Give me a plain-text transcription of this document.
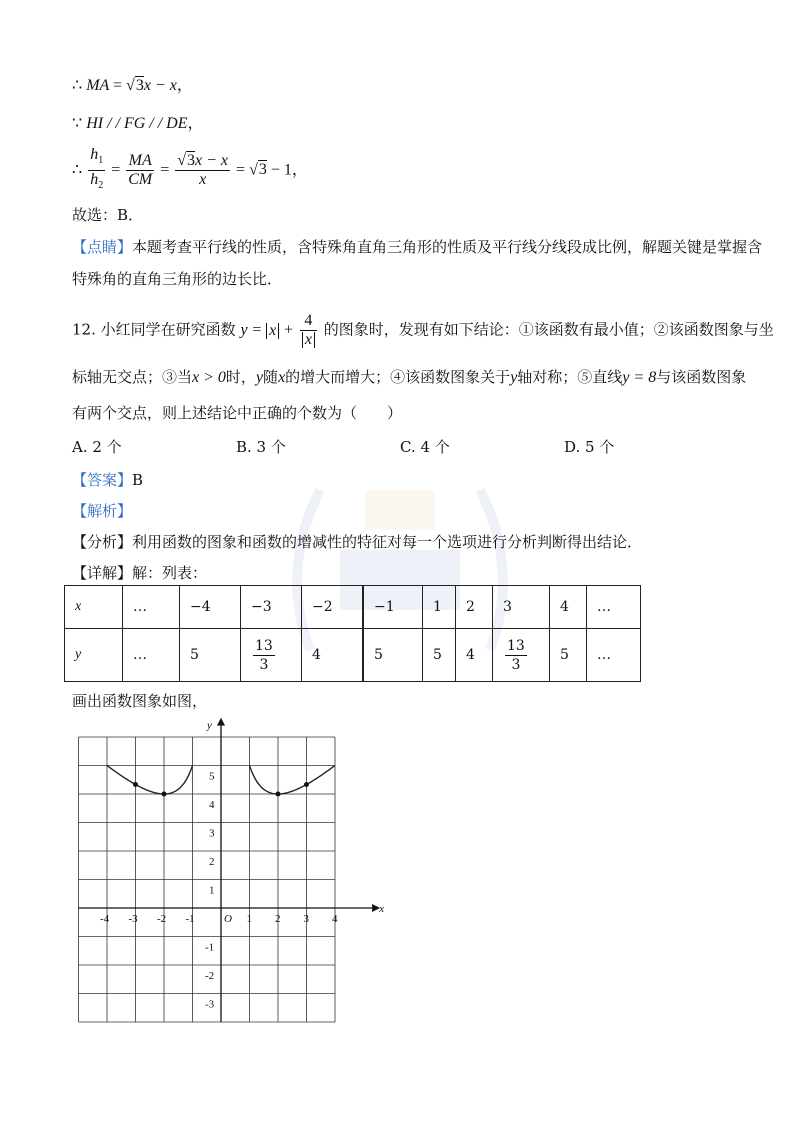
∴ MA = √3x − x，
∵ HI / / FG / / DE，
∴ $\frac{h_1}{h_2} = \frac{MA}{CM} = \frac{√3x - x}{x} = √3 - 1$，
故选：B．
【点睛】本题考查平行线的性质，含特殊角直角三角形的性质及平行线分线段成比例，解题关键是掌握含
特殊角的直角三角形的边长比．
12. 小红同学在研究函数 $y = x + \frac{4}{x}$ 的图象时，发现有如下结论：①该函数有最小值；②该函数图象与坐
标轴无交点；③当x > 0时，y随x的增大而增大；④该函数图象关于y轴对称；⑤直线y = 8与该函数图象
有两个交点，则上述结论中正确的个数为（　　）
A. 2 个	B. 3 个	C. 4 个	D. 5 个
【答案】B
【解析】
【分析】利用函数的图象和函数的增减性的特征对每一个选项进行分析判断得出结论．
【详解】解：列表：
x	…	−4	−3	−2	−1	1	2	3	4	…
y	…	5	$\frac{13}{3}$	4	5	5	4	$\frac{13}{3}$	5	…
画出函数图象如图，
x
y
O
-4 -3 -2 -1	1 2 3 4
5
4
3
2
1
-1
-2
-3
